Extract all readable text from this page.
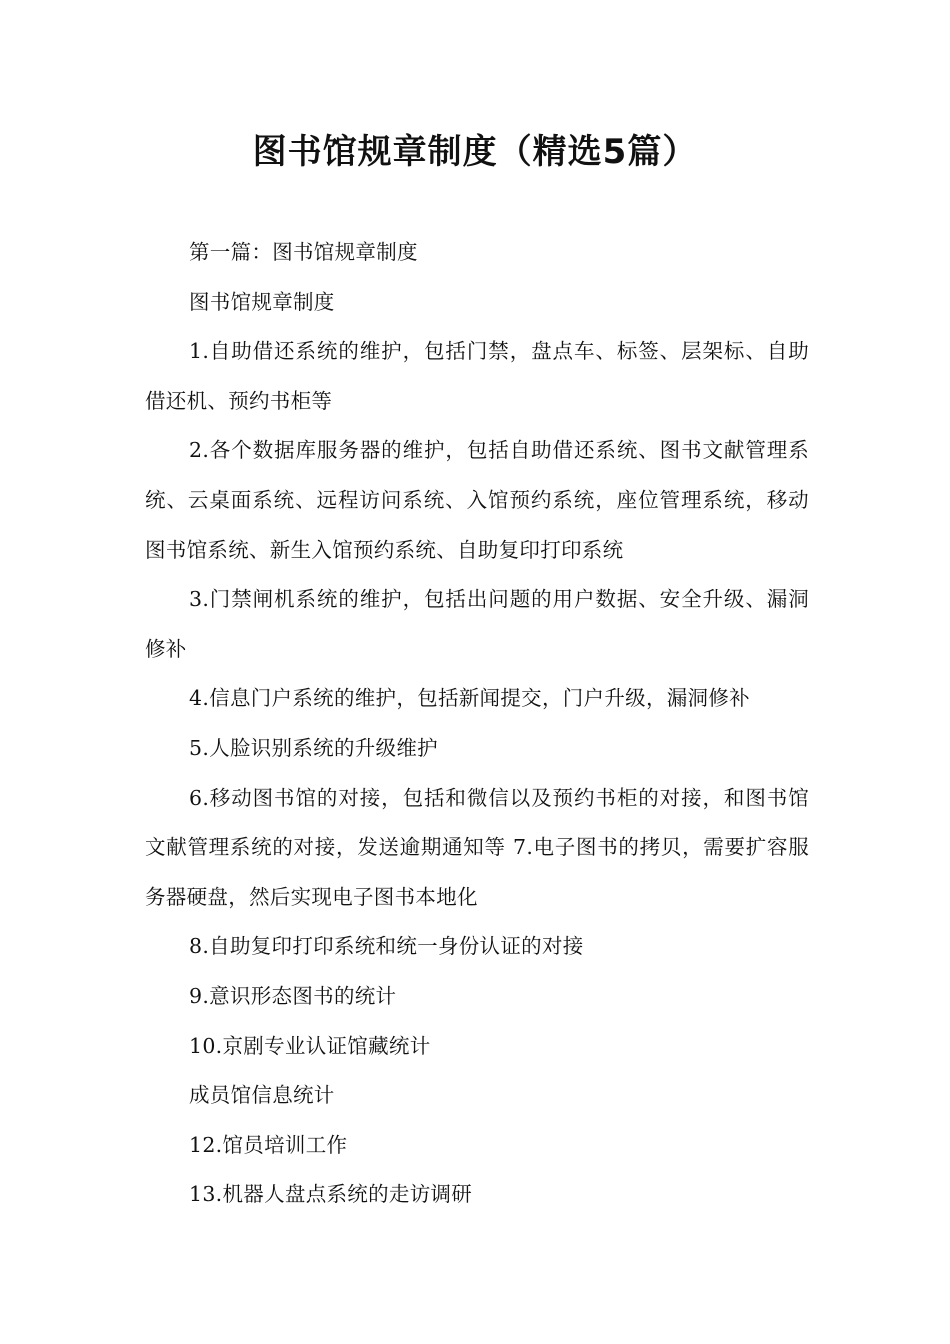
图书馆规章制度（精选5篇）

第一篇：图书馆规章制度

图书馆规章制度

1.自助借还系统的维护，包括门禁，盘点车、标签、层架标、自助借还机、预约书柜等

2.各个数据库服务器的维护，包括自助借还系统、图书文献管理系统、云桌面系统、远程访问系统、入馆预约系统，座位管理系统，移动图书馆系统、新生入馆预约系统、自助复印打印系统

3.门禁闸机系统的维护，包括出问题的用户数据、安全升级、漏洞修补

4.信息门户系统的维护，包括新闻提交，门户升级，漏洞修补

5.人脸识别系统的升级维护

6.移动图书馆的对接，包括和微信以及预约书柜的对接，和图书馆文献管理系统的对接，发送逾期通知等 7.电子图书的拷贝，需要扩容服务器硬盘，然后实现电子图书本地化

8.自助复印打印系统和统一身份认证的对接

9.意识形态图书的统计

10.京剧专业认证馆藏统计

成员馆信息统计

12.馆员培训工作

13.机器人盘点系统的走访调研
